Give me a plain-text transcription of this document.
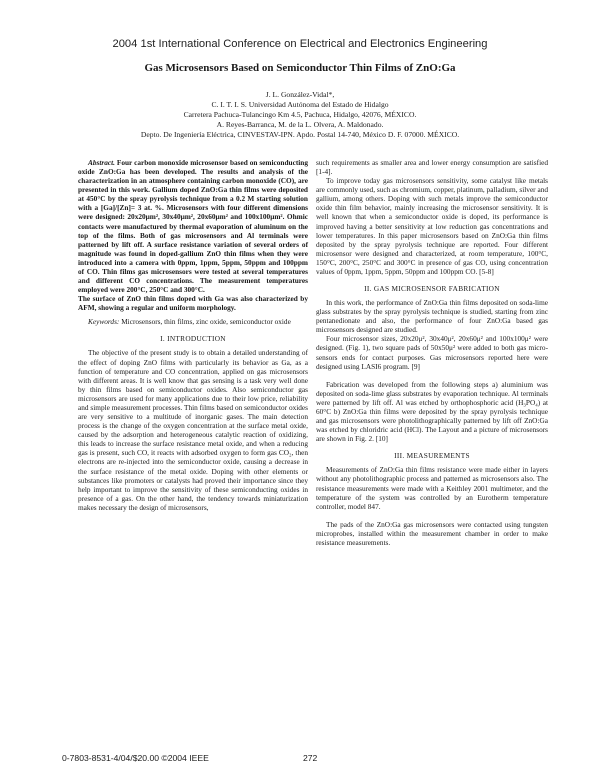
2004 1st International Conference on Electrical and Electronics Engineering
Gas Microsensors Based on Semiconductor Thin Films of ZnO:Ga
J. L. González-Vidal*,
C. I. T. I. S. Universidad Autónoma del Estado de Hidalgo
Carretera Pachuca-Tulancingo Km 4.5, Pachuca, Hidalgo, 42076, MÉXICO.
A. Reyes-Barranca, M. de la L. Olvera, A. Maldonado.
Depto. De Ingeniería Eléctrica, CINVESTAV-IPN. Apdo. Postal 14-740, México D. F. 07000. MÉXICO.

Abstract. Four carbon monoxide microsensor based on semiconducting oxide ZnO:Ga has been developed. The results and analysis of the characterization in an atmosphere containing carbon monoxide (CO), are presented in this work. Gallium doped ZnO:Ga thin films were deposited at 450°C by the spray pyrolysis technique from a 0.2 M starting solution with a [Ga]/[Zn]= 3 at. %. Microsensors with four different dimensions were designed: 20x20μm², 30x40μm², 20x60μm² and 100x100μm². Ohmic contacts were manufactured by thermal evaporation of aluminum on the top of the films. Both of gas microsensors and Al terminals were patterned by lift off. A surface resistance variation of several orders of magnitude was found in doped-gallium ZnO thin films when they were introduced into a camera with 0ppm, 1ppm, 5ppm, 50ppm and 100ppm of CO. Thin films gas microsensors were tested at several temperatures and different CO concentrations. The measurement temperatures employed were 200°C, 250°C and 300°C.

The surface of ZnO thin films doped with Ga was also characterized by AFM, showing a regular and uniform morphology.

Keywords: Microsensors, thin films, zinc oxide, semiconductor oxide

I. INTRODUCTION

The objective of the present study is to obtain a detailed understanding of the effect of doping ZnO films with particularly its behavior as Ga, as a function of temperature and CO concentration, applied on gas microsensors with different areas. It is well know that gas sensing is a task very well done by thin films based on semiconductor oxides. Also semiconductor gas microsensors are used for many applications due to their low price, reliability and simple measurement processes. Thin films based on semiconductor oxides are very sensitive to a multitude of inorganic gases. The main detection process is the change of the oxygen concentration at the surface metal oxide, caused by the adsorption and heterogeneous catalytic reaction of oxidizing, this leads to increase the surface resistance metal oxide, and when a reducing gas is present, such CO, it reacts with adsorbed oxygen to form gas CO₂, then electrons are re-injected into the semiconductor oxide, causing a decrease in the surface resistance of the metal oxide. Doping with other elements or substances like promoters or catalysts had proved their importance since they help important to improve the sensitivity of these semiconducting oxides in presence of a gas. On the other hand, the tendency towards miniaturization makes necessary the design of microsensors,

such requirements as smaller area and lower energy consumption are satisfied [1-4].

To improve today gas microsensors sensitivity, some catalyst like metals are commonly used, such as chromium, copper, platinum, palladium, silver and gallium, among others. Doping with such metals improve the semiconductor oxide thin film behavior, mainly increasing the microsensor sensitivity. It is well known that when a semiconductor oxide is doped, its performance is improved having a better sensitivity at low reduction gas concentrations and lower temperatures. In this paper microsensors based on ZnO:Ga thin films deposited by the spray pyrolysis technique are reported. Four different microsensor were designed and characterized, at room temperature, 100°C, 150°C, 200°C, 250°C and 300°C in presence of gas CO, using concentration values of 0ppm, 1ppm, 5ppm, 50ppm and 100ppm CO. [5-8]

II. GAS MICROSENSOR FABRICATION

In this work, the performance of ZnO:Ga thin films deposited on soda-lime glass substrates by the spray pyrolysis technique is studied, starting from zinc pentanedionate and also, the performance of four ZnO:Ga based gas microsensors designed are studied.

Four microsensor sizes, 20x20μ², 30x40μ², 20x60μ² and 100x100μ² were designed. (Fig. 1), two square pads of 50x50μ² were added to both gas micro-sensors ends for contact purposes. Gas microsensors reported here were designed using LASI6 program. [9]

Fabrication was developed from the following steps a) aluminium was deposited on soda-lime glass substrates by evaporation technique. Al terminals were patterned by lift off. Al was etched by orthophosphoric acid (H₃PO₄) at 60°C b) ZnO:Ga thin films were deposited by the spray pyrolysis technique and gas microsensors were photolithographically patterned by lift off ZnO:Ga was etched by chloridric acid (HCl). The Layout and a picture of microsensors are shown in Fig. 2. [10]

III. MEASUREMENTS

Measurements of ZnO:Ga thin films resistance were made either in layers without any photolithographic process and patterned as microsensors also. The resistance measurements were made with a Keithley 2001 multimeter, and the temperature of the system was controlled by an Eurotherm temperature controller, model 847.

The pads of the ZnO:Ga gas microsensors were contacted using tungsten microprobes, installed within the measurement chamber in order to make resistance measurements.

0-7803-8531-4/04/$20.00 ©2004 IEEE	272
